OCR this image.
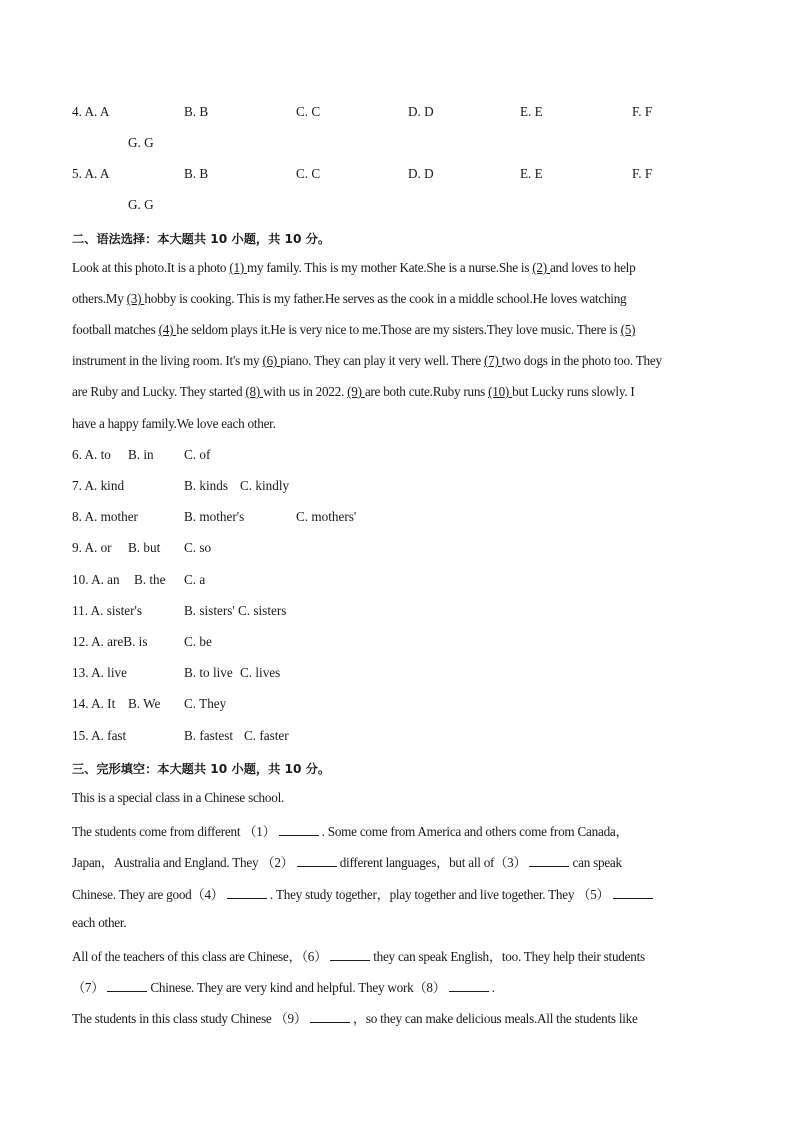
4. A. A	B. B	C. C	D. D	E. E	F. F
G. G
5. A. A	B. B	C. C	D. D	E. E	F. F
G. G
二、语法选择：本大题共 10 小题，共 10 分。
Look at this photo.It is a photo (1) my family. This is my mother Kate.She is a nurse.She is (2) and loves to help
others.My (3) hobby is cooking. This is my father.He serves as the cook in a middle school.He loves watching
football matches (4) he seldom plays it.He is very nice to me.Those are my sisters.They love music. There is (5)
instrument in the living room. It's my (6) piano. They can play it very well. There (7) two dogs in the photo too. They
are Ruby and Lucky. They started (8) with us in 2022. (9) are both cute.Ruby runs (10) but Lucky runs slowly. I
have a happy family.We love each other.
6. A. to B. in C. of
7. A. kind	B. kinds C. kindly
8. A. mother	B. mother's	C. mothers'
9. A. or B. but C. so
10. A. an B. the C. a
11. A. sister's	B. sisters' C. sisters
12. A. areB. is	C. be
13. A. live	B. to live C. lives
14. A. It B. We C. They
15. A. fast	B. fastest C. faster
三、完形填空：本大题共 10 小题，共 10 分。
This is a special class in a Chinese school.
The students come from different （1）	. Some come from America and others come from Canada，
Japan，Australia and England. They （2）	different languages，but all of（3）	can speak
Chinese. They are good（4）	. They study together，play together and live together. They （5）
each other.
All of the teachers of this class are Chinese，（6）	they can speak English，too. They help their students
（7）	Chinese. They are very kind and helpful. They work（8）	.
The students in this class study Chinese （9）	，so they can make delicious meals.All the students like
